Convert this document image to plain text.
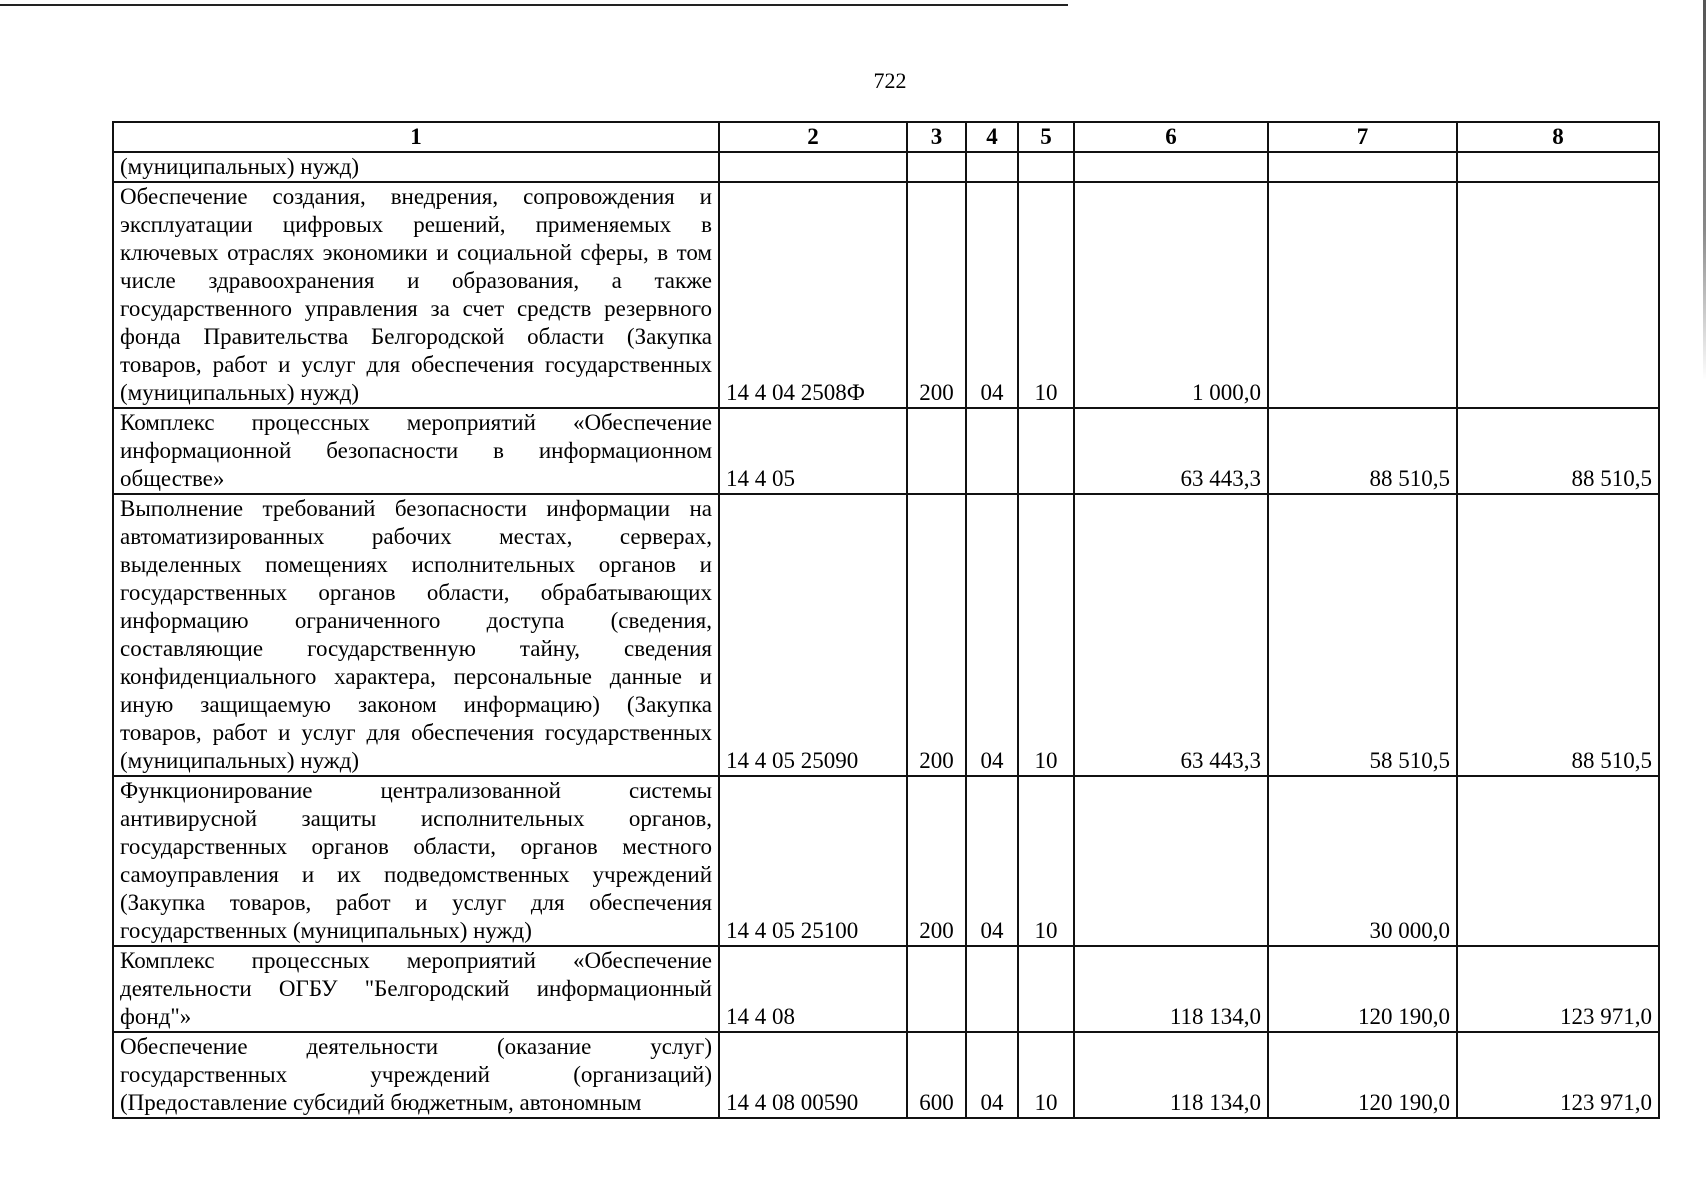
722
1	2	3	4	5	6	7	8
(муниципальных) нужд)							
Обеспечение создания, внедрения, сопровождения и эксплуатации цифровых решений, применяемых в ключевых отраслях экономики и социальной сферы, в том числе здравоохранения и образования, а также государственного управления за счет средств резервного фонда Правительства Белгородской области (Закупка товаров, работ и услуг для обеспечения государственных (муниципальных) нужд)	14 4 04 2508Ф	200	04	10	1 000,0		
Комплекс процессных мероприятий «Обеспечение информационной безопасности в информационном обществе»	14 4 05				63 443,3	88 510,5	88 510,5
Выполнение требований безопасности информации на автоматизированных рабочих местах, серверах, выделенных помещениях исполнительных органов и государственных органов области, обрабатывающих информацию ограниченного доступа (сведения, составляющие государственную тайну, сведения конфиденциального характера, персональные данные и иную защищаемую законом информацию) (Закупка товаров, работ и услуг для обеспечения государственных (муниципальных) нужд)	14 4 05 25090	200	04	10	63 443,3	58 510,5	88 510,5
Функционирование централизованной системы антивирусной защиты исполнительных органов, государственных органов области, органов местного самоуправления и их подведомственных учреждений (Закупка товаров, работ и услуг для обеспечения государственных (муниципальных) нужд)	14 4 05 25100	200	04	10		30 000,0	
Комплекс процессных мероприятий «Обеспечение деятельности ОГБУ "Белгородский информационный фонд"»	14 4 08				118 134,0	120 190,0	123 971,0
Обеспечение деятельности (оказание услуг) государственных учреждений (организаций) (Предоставление субсидий бюджетным, автономным	14 4 08 00590	600	04	10	118 134,0	120 190,0	123 971,0
